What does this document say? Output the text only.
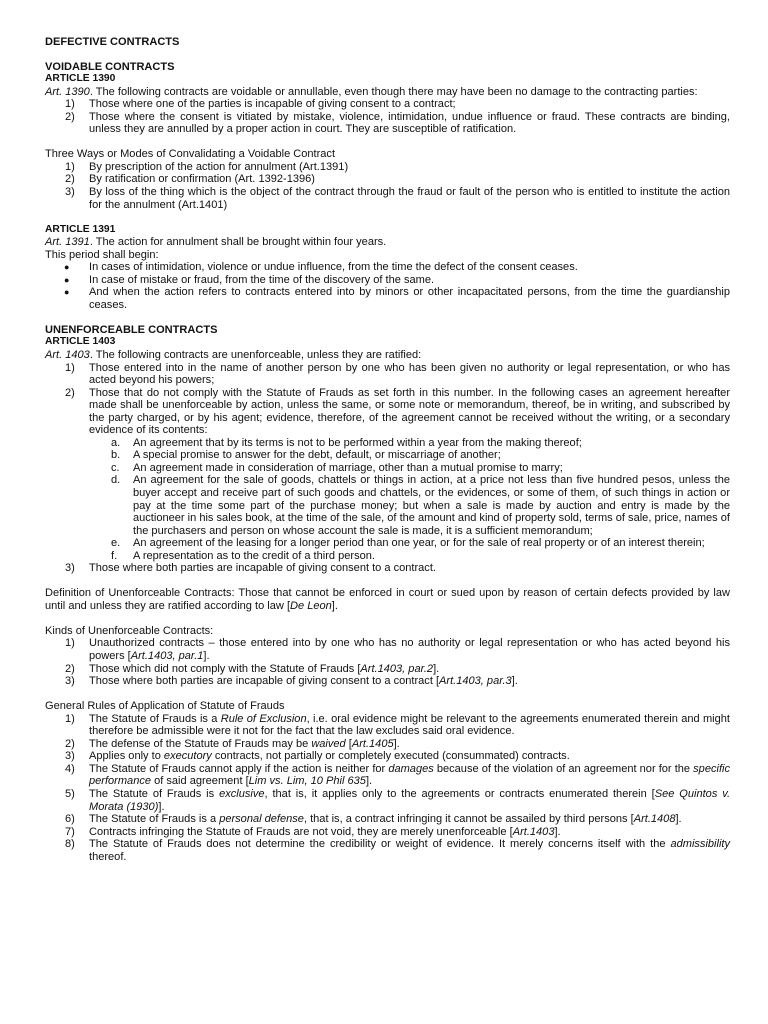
DEFECTIVE CONTRACTS
VOIDABLE CONTRACTS
ARTICLE 1390

Art. 1390. The following contracts are voidable or annullable, even though there may have been no damage to the contracting parties:

1) Those where one of the parties is incapable of giving consent to a contract;
2) Those where the consent is vitiated by mistake, violence, intimidation, undue influence or fraud. These contracts are binding, unless they are annulled by a proper action in court. They are susceptible of ratification.

Three Ways or Modes of Convalidating a Voidable Contract

1) By prescription of the action for annulment (Art.1391)
2) By ratification or confirmation (Art. 1392-1396)
3) By loss of the thing which is the object of the contract through the fraud or fault of the person who is entitled to institute the action for the annulment (Art.1401)
ARTICLE 1391

Art. 1391. The action for annulment shall be brought within four years.

This period shall begin:

● In cases of intimidation, violence or undue influence, from the time the defect of the consent ceases.
● In case of mistake or fraud, from the time of the discovery of the same.
● And when the action refers to contracts entered into by minors or other incapacitated persons, from the time the guardianship ceases.
UNENFORCEABLE CONTRACTS
ARTICLE 1403

Art. 1403. The following contracts are unenforceable, unless they are ratified:

1) Those entered into in the name of another person by one who has been given no authority or legal representation, or who has acted beyond his powers;
2) Those that do not comply with the Statute of Frauds as set forth in this number. In the following cases an agreement hereafter made shall be unenforceable by action, unless the same, or some note or memorandum, thereof, be in writing, and subscribed by the party charged, or by his agent; evidence, therefore, of the agreement cannot be received without the writing, or a secondary evidence of its contents:
a. An agreement that by its terms is not to be performed within a year from the making thereof;
b. A special promise to answer for the debt, default, or miscarriage of another;
c. An agreement made in consideration of marriage, other than a mutual promise to marry;
d. An agreement for the sale of goods, chattels or things in action, at a price not less than five hundred pesos, unless the buyer accept and receive part of such goods and chattels, or the evidences, or some of them, of such things in action or pay at the time some part of the purchase money; but when a sale is made by auction and entry is made by the auctioneer in his sales book, at the time of the sale, of the amount and kind of property sold, terms of sale, price, names of the purchasers and person on whose account the sale is made, it is a sufficient memorandum;
e. An agreement of the leasing for a longer period than one year, or for the sale of real property or of an interest therein;
f. A representation as to the credit of a third person.
3) Those where both parties are incapable of giving consent to a contract.

Definition of Unenforceable Contracts: Those that cannot be enforced in court or sued upon by reason of certain defects provided by law until and unless they are ratified according to law [De Leon].

Kinds of Unenforceable Contracts:

1) Unauthorized contracts – those entered into by one who has no authority or legal representation or who has acted beyond his powers [Art.1403, par.1].
2) Those which did not comply with the Statute of Frauds [Art.1403, par.2].
3) Those where both parties are incapable of giving consent to a contract [Art.1403, par.3].

General Rules of Application of Statute of Frauds

1) The Statute of Frauds is a Rule of Exclusion, i.e. oral evidence might be relevant to the agreements enumerated therein and might therefore be admissible were it not for the fact that the law excludes said oral evidence.
2) The defense of the Statute of Frauds may be waived [Art.1405].
3) Applies only to executory contracts, not partially or completely executed (consummated) contracts.
4) The Statute of Frauds cannot apply if the action is neither for damages because of the violation of an agreement nor for the specific performance of said agreement [Lim vs. Lim, 10 Phil 635].
5) The Statute of Frauds is exclusive, that is, it applies only to the agreements or contracts enumerated therein [See Quintos v. Morata (1930)].
6) The Statute of Frauds is a personal defense, that is, a contract infringing it cannot be assailed by third persons [Art.1408].
7) Contracts infringing the Statute of Frauds are not void, they are merely unenforceable [Art.1403].
8) The Statute of Frauds does not determine the credibility or weight of evidence. It merely concerns itself with the admissibility thereof.
